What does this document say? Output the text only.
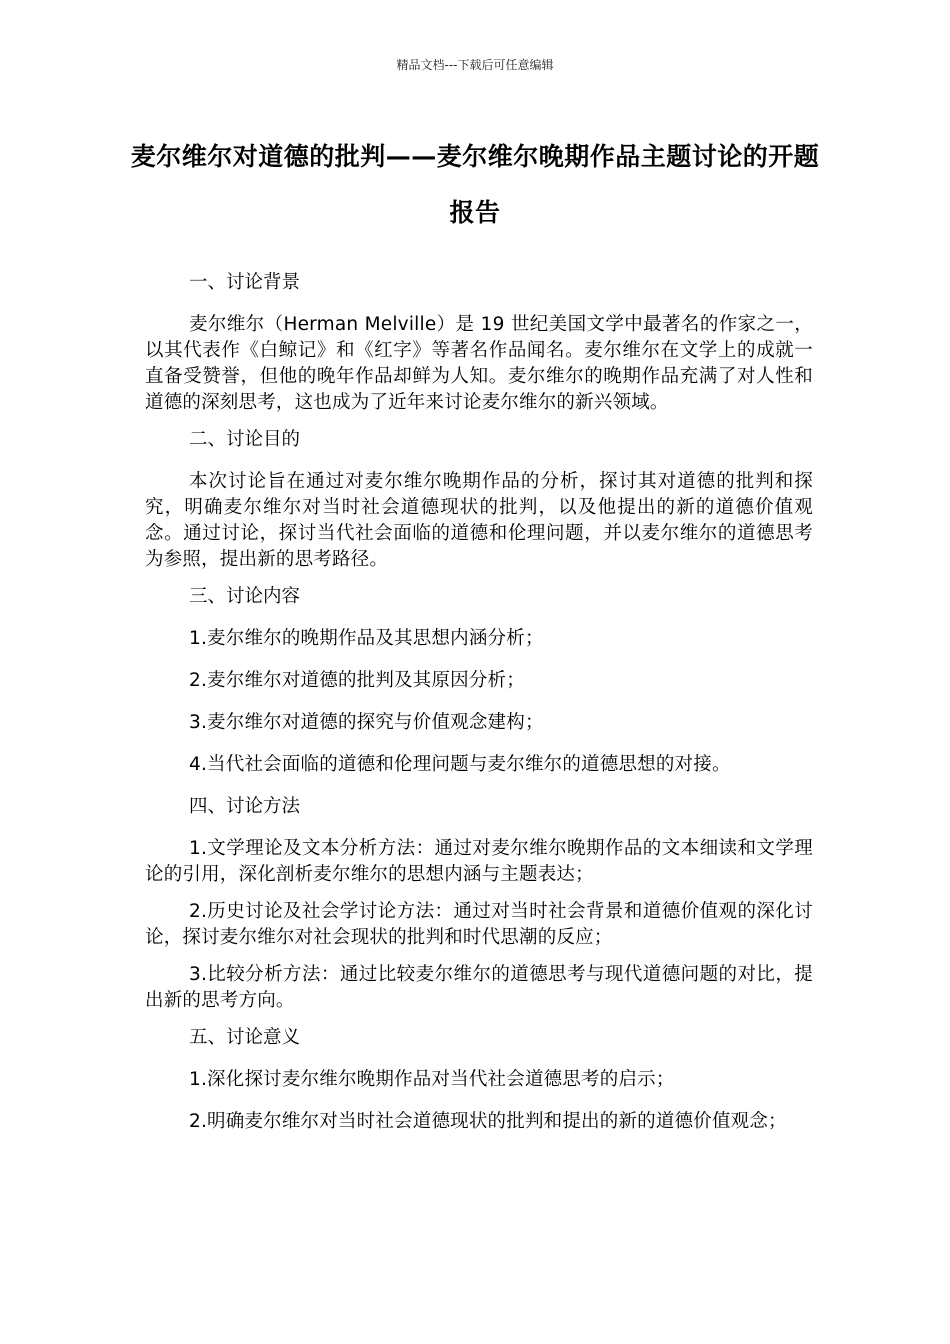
精品文档---下载后可任意编辑
麦尔维尔对道德的批判——麦尔维尔晚期作品主题讨论的开题报告
一、讨论背景

麦尔维尔（Herman Melville）是 19 世纪美国文学中最著名的作家之一，以其代表作《白鲸记》和《红字》等著名作品闻名。麦尔维尔在文学上的成就一直备受赞誉，但他的晚年作品却鲜为人知。麦尔维尔的晚期作品充满了对人性和道德的深刻思考，这也成为了近年来讨论麦尔维尔的新兴领域。

二、讨论目的

本次讨论旨在通过对麦尔维尔晚期作品的分析，探讨其对道德的批判和探究，明确麦尔维尔对当时社会道德现状的批判，以及他提出的新的道德价值观念。通过讨论，探讨当代社会面临的道德和伦理问题，并以麦尔维尔的道德思考为参照，提出新的思考路径。

三、讨论内容

1.麦尔维尔的晚期作品及其思想内涵分析；

2.麦尔维尔对道德的批判及其原因分析；

3.麦尔维尔对道德的探究与价值观念建构；

4.当代社会面临的道德和伦理问题与麦尔维尔的道德思想的对接。

四、讨论方法

1.文学理论及文本分析方法：通过对麦尔维尔晚期作品的文本细读和文学理论的引用，深化剖析麦尔维尔的思想内涵与主题表达；

2.历史讨论及社会学讨论方法：通过对当时社会背景和道德价值观的深化讨论，探讨麦尔维尔对社会现状的批判和时代思潮的反应；

3.比较分析方法：通过比较麦尔维尔的道德思考与现代道德问题的对比，提出新的思考方向。

五、讨论意义

1.深化探讨麦尔维尔晚期作品对当代社会道德思考的启示；

2.明确麦尔维尔对当时社会道德现状的批判和提出的新的道德价值观念；
